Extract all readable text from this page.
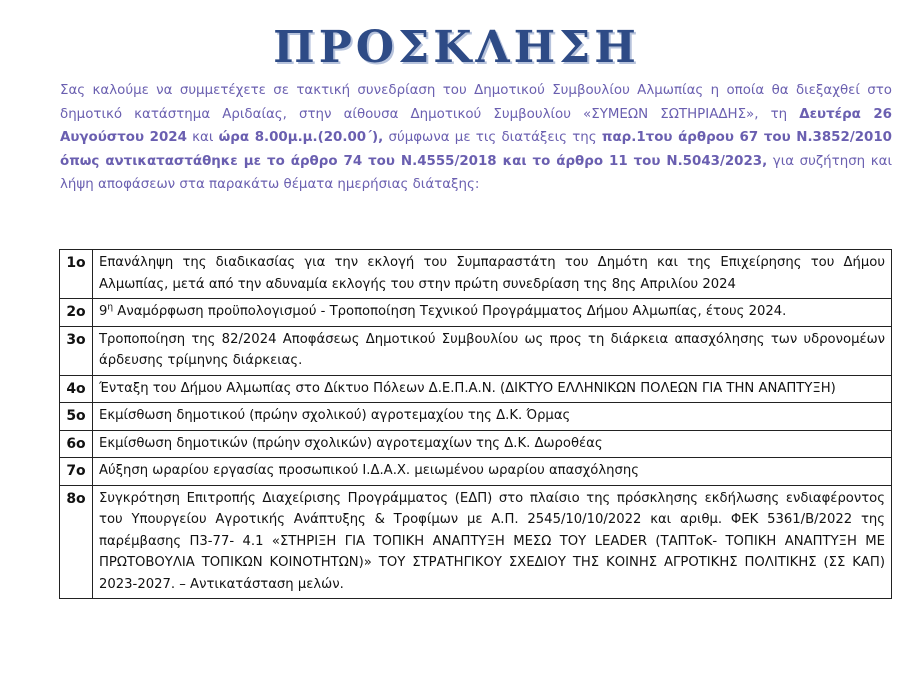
ΠΡΟΣΚΛΗΣΗ

Σας καλούμε να συμμετέχετε σε τακτική συνεδρίαση του Δημοτικού Συμβουλίου Αλμωπίας η οποία θα διεξαχθεί στο δημοτικό κατάστημα Αριδαίας, στην αίθουσα Δημοτικού Συμβουλίου «ΣΥΜΕΩΝ ΣΩΤΗΡΙΑΔΗΣ», τη Δευτέρα 26 Αυγούστου 2024 και ώρα 8.00μ.μ.(20.00΄), σύμφωνα με τις διατάξεις της παρ.1του άρθρου 67 του Ν.3852/2010 όπως αντικαταστάθηκε με το άρθρο 74 του Ν.4555/2018 και το άρθρο 11 του Ν.5043/2023, για συζήτηση και λήψη αποφάσεων στα παρακάτω θέματα ημερήσιας διάταξης:

1ο	Επανάληψη της διαδικασίας για την εκλογή του Συμπαραστάτη του Δημότη και της Επιχείρησης του Δήμου Αλμωπίας, μετά από την αδυναμία εκλογής του στην πρώτη συνεδρίαση της 8ης Απριλίου 2024
2ο	$9^\eta$ Αναμόρφωση προϋπολογισμού - Τροποποίηση Τεχνικού Προγράμματος Δήμου Αλμωπίας, έτους 2024.
3ο	Τροποποίηση της 82/2024 Αποφάσεως Δημοτικού Συμβουλίου ως προς τη διάρκεια απασχόλησης των υδρονομέων άρδευσης τρίμηνης διάρκειας.
4ο	Ένταξη του Δήμου Αλμωπίας στο Δίκτυο Πόλεων Δ.Ε.Π.Α.Ν. (ΔΙΚΤΥΟ ΕΛΛΗΝΙΚΩΝ ΠΟΛΕΩΝ ΓΙΑ ΤΗΝ ΑΝΑΠΤΥΞΗ)
5ο	Εκμίσθωση δημοτικού (πρώην σχολικού) αγροτεμαχίου της Δ.Κ. Όρμας
6ο	Εκμίσθωση δημοτικών (πρώην σχολικών) αγροτεμαχίων της Δ.Κ. Δωροθέας
7ο	Αύξηση ωραρίου εργασίας προσωπικού Ι.Δ.Α.Χ. μειωμένου ωραρίου απασχόλησης
8ο	Συγκρότηση Επιτροπής Διαχείρισης Προγράμματος (ΕΔΠ) στο πλαίσιο της πρόσκλησης εκδήλωσης ενδιαφέροντος του Υπουργείου Αγροτικής Ανάπτυξης & Τροφίμων με Α.Π. 2545/10/10/2022 και αριθμ. ΦΕΚ 5361/Β/2022 της παρέμβασης Π3-77- 4.1 «ΣΤΗΡΙΞΗ ΓΙΑ ΤΟΠΙΚΗ ΑΝΑΠΤΥΞΗ ΜΕΣΩ ΤΟΥ LEADER (ΤΑΠΤοΚ- ΤΟΠΙΚΗ ΑΝΑΠΤΥΞΗ ΜΕ ΠΡΩΤΟΒΟΥΛΙΑ ΤΟΠΙΚΩΝ ΚΟΙΝΟΤΗΤΩΝ)» ΤΟΥ ΣΤΡΑΤΗΓΙΚΟΥ ΣΧΕΔΙΟΥ ΤΗΣ ΚΟΙΝΗΣ ΑΓΡΟΤΙΚΗΣ ΠΟΛΙΤΙΚΗΣ (ΣΣ ΚΑΠ) 2023-2027. – Αντικατάσταση μελών.
